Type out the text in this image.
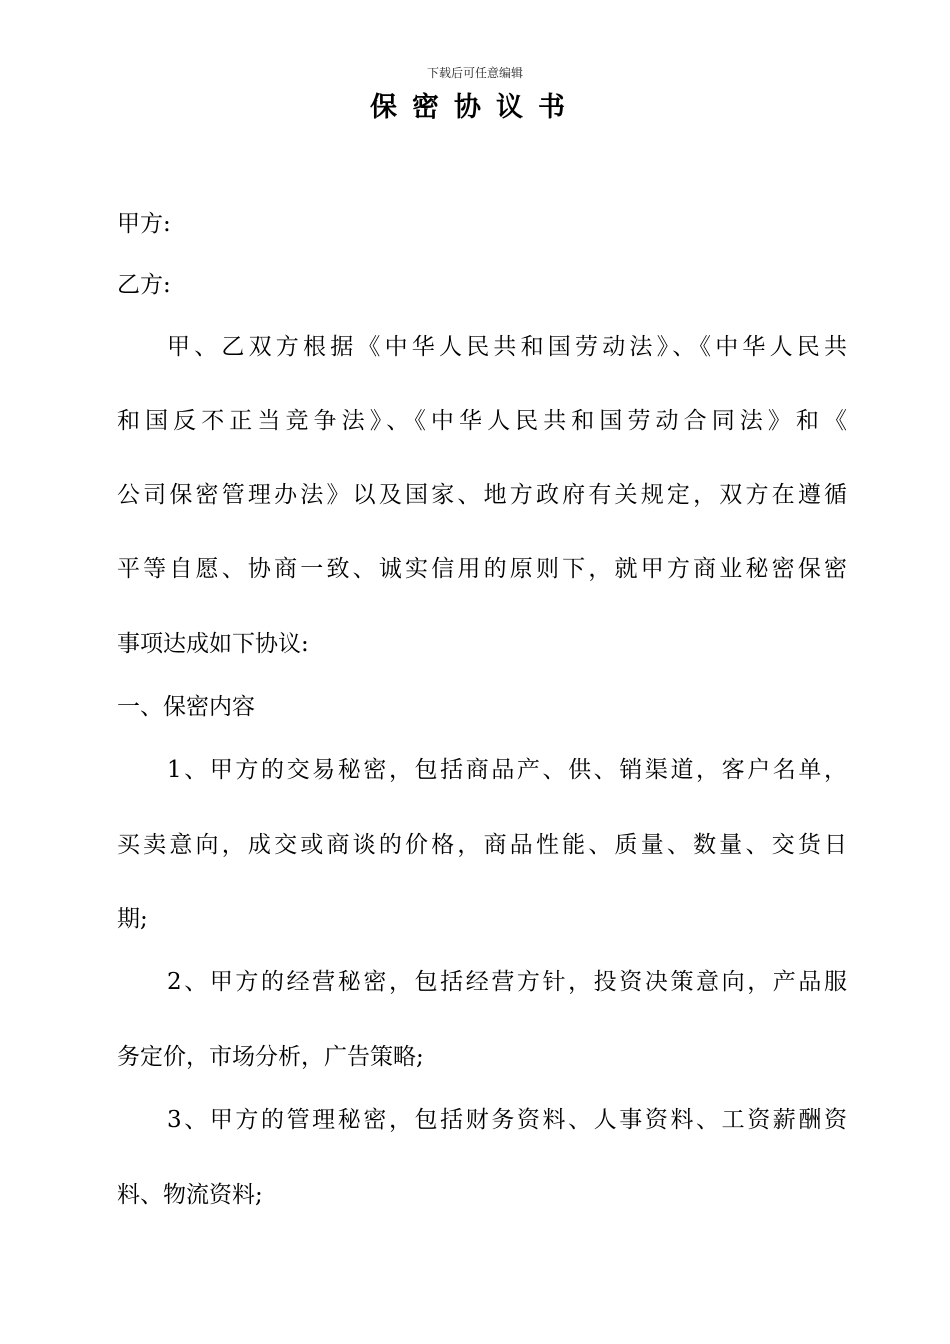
下载后可任意编辑
保密协议书
甲方:
乙方:
甲、乙双方根据《中华人民共和国劳动法》、《中华人民共
和国反不正当竞争法》、《中华人民共和国劳动合同法》和《
公司保密管理办法》以及国家、地方政府有关规定，双方在遵循
平等自愿、协商一致、诚实信用的原则下，就甲方商业秘密保密
事项达成如下协议:
一、保密内容
1、甲方的交易秘密，包括商品产、供、销渠道，客户名单，
买卖意向，成交或商谈的价格，商品性能、质量、数量、交货日
期;
2、甲方的经营秘密，包括经营方针，投资决策意向，产品服
务定价，市场分析，广告策略;
3、甲方的管理秘密，包括财务资料、人事资料、工资薪酬资
料、物流资料;
